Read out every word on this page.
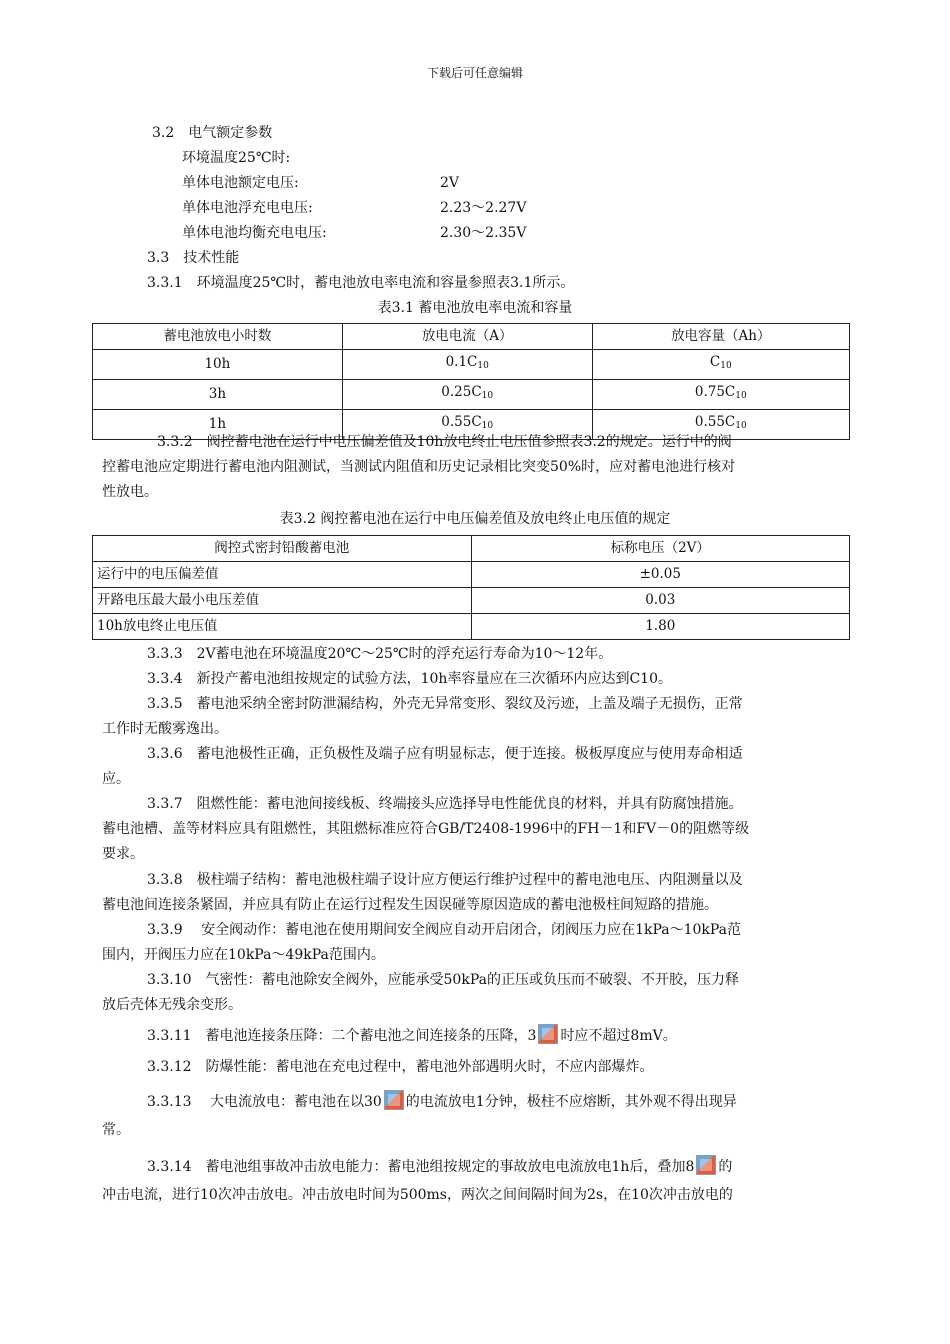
下载后可任意编辑
3.2　电气额定参数
环境温度25℃时:
单体电池额定电压:	2V
单体电池浮充电电压:	2.23～2.27V
单体电池均衡充电电压:	2.30～2.35V
3.3　技术性能
3.3.1　环境温度25℃时，蓄电池放电率电流和容量参照表3.1所示。
表3.1 蓄电池放电率电流和容量
蓄电池放电小时数	放电电流（A）	放电容量（Ah）
10h	$0.1C_{10}$	$C_{10}$
3h	$0.25C_{10}$	$0.75C_{10}$
1h	$0.55C_{10}$	$0.55C_{10}$
3.3.2　阀控蓄电池在运行中电压偏差值及10h放电终止电压值参照表3.2的规定。运行中的阀
控蓄电池应定期进行蓄电池内阻测试，当测试内阻值和历史记录相比突变50%时，应对蓄电池进行核对
性放电。
表3.2 阀控蓄电池在运行中电压偏差值及放电终止电压值的规定
阀控式密封铅酸蓄电池	标称电压（2V）
运行中的电压偏差值	±0.05
开路电压最大最小电压差值	0.03
10h放电终止电压值	1.80
3.3.3　2V蓄电池在环境温度20℃～25℃时的浮充运行寿命为10～12年。
3.3.4　新投产蓄电池组按规定的试验方法，10h率容量应在三次循环内应达到C10。
3.3.5　蓄电池采纳全密封防泄漏结构，外壳无异常变形、裂纹及污迹，上盖及端子无损伤，正常
工作时无酸雾逸出。
3.3.6　蓄电池极性正确，正负极性及端子应有明显标志，便于连接。极板厚度应与使用寿命相适
应。
3.3.7　阻燃性能：蓄电池间接线板、终端接头应选择导电性能优良的材料，并具有防腐蚀措施。
蓄电池槽、盖等材料应具有阻燃性，其阻燃标准应符合GB/T2408-1996中的FH－1和FV－0的阻燃等级
要求。
3.3.8　极柱端子结构：蓄电池极柱端子设计应方便运行维护过程中的蓄电池电压、内阻测量以及
蓄电池间连接条紧固，并应具有防止在运行过程发生因误碰等原因造成的蓄电池极柱间短路的措施。
3.3.9　 安全阀动作：蓄电池在使用期间安全阀应自动开启闭合，闭阀压力应在1kPa～10kPa范
围内，开阀压力应在10kPa～49kPa范围内。
3.3.10　气密性：蓄电池除安全阀外，应能承受50kPa的正压或负压而不破裂、不开胶，压力释
放后壳体无残余变形。
3.3.11　蓄电池连接条压降：二个蓄电池之间连接条的压降，3 时应不超过8mV。
3.3.12　防爆性能：蓄电池在充电过程中，蓄电池外部遇明火时，不应内部爆炸。
3.3.13　 大电流放电：蓄电池在以30 的电流放电1分钟，极柱不应熔断，其外观不得出现异
常。
3.3.14　蓄电池组事故冲击放电能力：蓄电池组按规定的事故放电电流放电1h后，叠加8 的
冲击电流，进行10次冲击放电。冲击放电时间为500ms，两次之间间隔时间为2s，在10次冲击放电的
